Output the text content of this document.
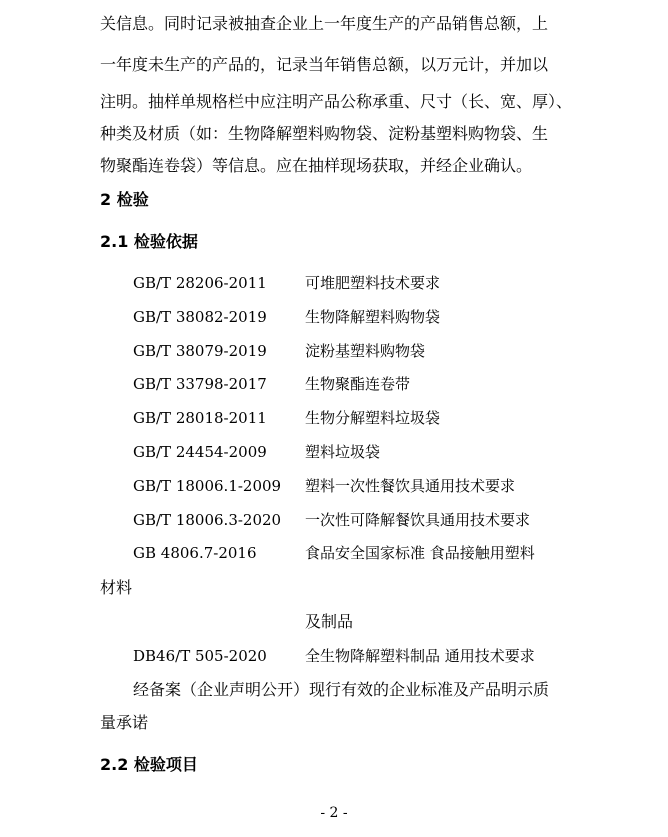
关信息。同时记录被抽查企业上一年度生产的产品销售总额，上
一年度未生产的产品的，记录当年销售总额，以万元计，并加以
注明。抽样单规格栏中应注明产品公称承重、尺寸（长、宽、厚）、
种类及材质（如：生物降解塑料购物袋、淀粉基塑料购物袋、生
物聚酯连卷袋）等信息。应在抽样现场获取，并经企业确认。
2 检验
2.1 检验依据
GB/T 28206-2011	可堆肥塑料技术要求
GB/T 38082-2019	生物降解塑料购物袋
GB/T 38079-2019	淀粉基塑料购物袋
GB/T 33798-2017	生物聚酯连卷带
GB/T 28018-2011	生物分解塑料垃圾袋
GB/T 24454-2009	塑料垃圾袋
GB/T 18006.1-2009 塑料一次性餐饮具通用技术要求
GB/T 18006.3-2020 一次性可降解餐饮具通用技术要求
GB 4806.7-2016	食品安全国家标准 食品接触用塑料
材料
及制品
DB46/T 505-2020	全生物降解塑料制品 通用技术要求
经备案（企业声明公开）现行有效的企业标准及产品明示质
量承诺
2.2 检验项目
- 2 -
